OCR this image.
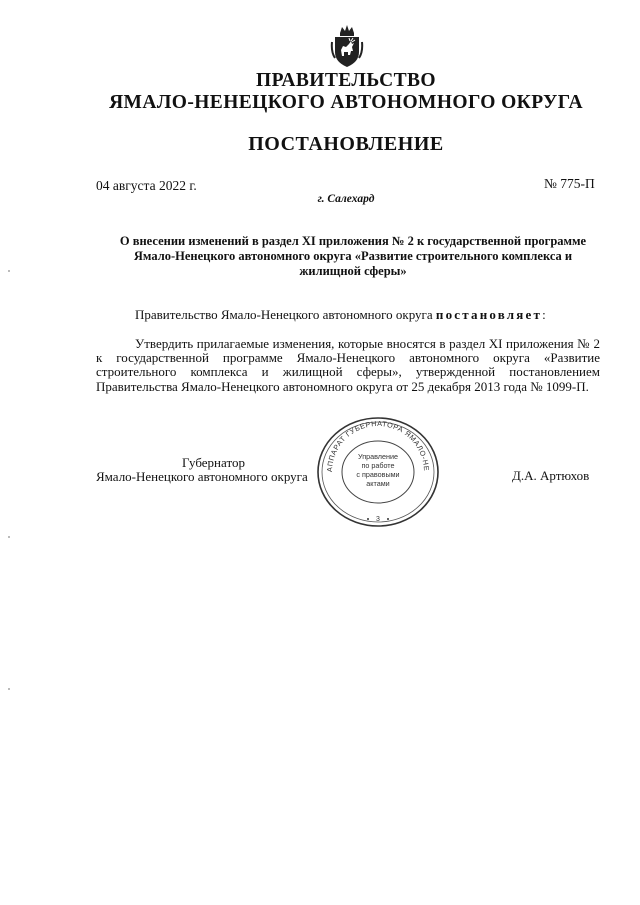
ПРАВИТЕЛЬСТВО
ЯМАЛО-НЕНЕЦКОГО АВТОНОМНОГО ОКРУГА
ПОСТАНОВЛЕНИЕ
04 августа 2022 г.	№ 775-П
г. Салехард
О внесении изменений в раздел XI приложения № 2 к государственной программе Ямало-Ненецкого автономного округа «Развитие строительного комплекса и жилищной сферы»
Правительство Ямало-Ненецкого автономного округа постановляет:
Утвердить прилагаемые изменения, которые вносятся в раздел XI приложения № 2 к государственной программе Ямало-Ненецкого автономного округа «Развитие строительного комплекса и жилищной сферы», утвержденной постановлением Правительства Ямало-Ненецкого автономного округа от 25 декабря 2013 года № 1099-П.
Губернатор
Ямало-Ненецкого автономного округа	Д.А. Артюхов
АППАРАТ ГУБЕРНАТОРА ЯМАЛО-НЕ
Управление
по работе
с правовыми
актами
3
